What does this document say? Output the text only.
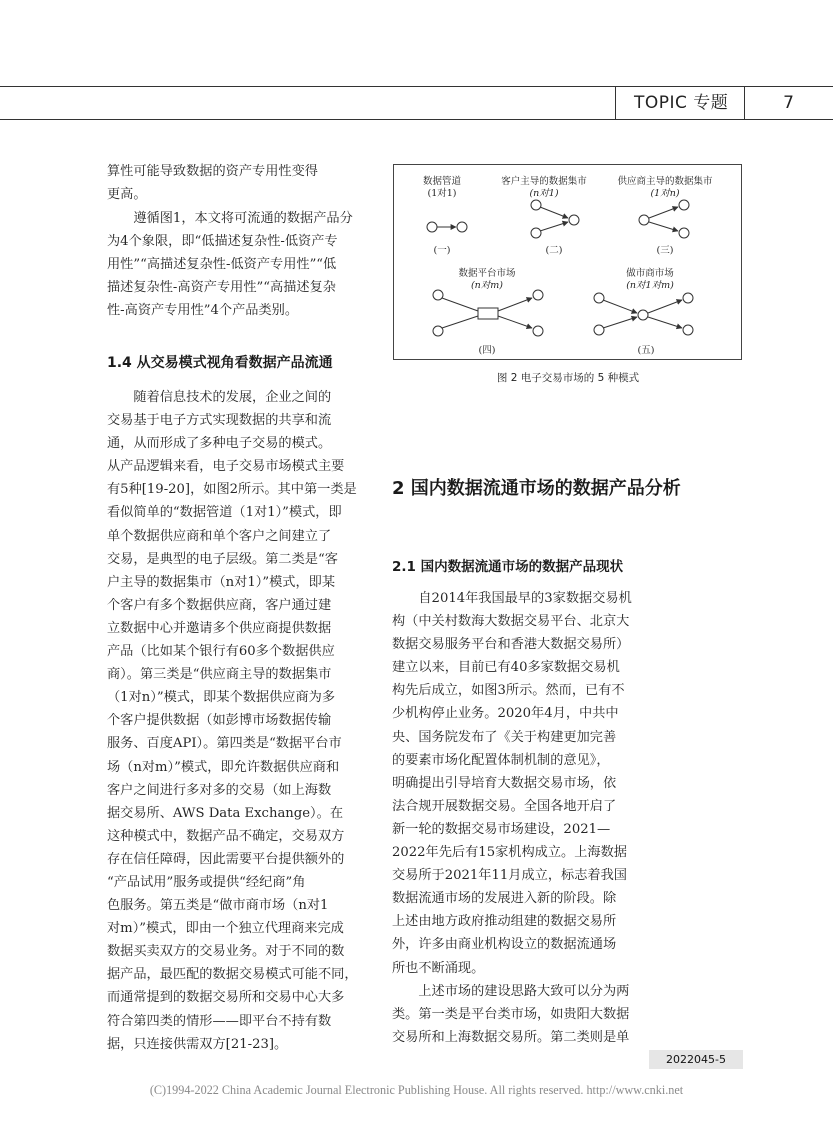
TOPIC 专题	7
算性可能导致数据的资产专用性变得
更高。
　　遵循图1，本文将可流通的数据产品分
为4个象限，即“低描述复杂性-低资产专
用性”“高描述复杂性-低资产专用性”“低
描述复杂性-高资产专用性”“高描述复杂
性-高资产专用性”4个产品类别。
1.4 从交易模式视角看数据产品流通
　　随着信息技术的发展，企业之间的
交易基于电子方式实现数据的共享和流
通，从而形成了多种电子交易的模式。
从产品逻辑来看，电子交易市场模式主要
有5种[19-20]，如图2所示。其中第一类是
看似简单的“数据管道（1对1）”模式，即
单个数据供应商和单个客户之间建立了
交易，是典型的电子层级。第二类是“客
户主导的数据集市（n对1）”模式，即某
个客户有多个数据供应商，客户通过建
立数据中心并邀请多个供应商提供数据
产品（比如某个银行有60多个数据供应
商）。第三类是“供应商主导的数据集市
（1对n）”模式，即某个数据供应商为多
个客户提供数据（如彭博市场数据传输
服务、百度API）。第四类是“数据平台市
场（n对m）”模式，即允许数据供应商和
客户之间进行多对多的交易（如上海数
据交易所、AWS Data Exchange）。在
这种模式中，数据产品不确定，交易双方
存在信任障碍，因此需要平台提供额外的
“产品试用”服务或提供“经纪商”角
色服务。第五类是“做市商市场（n对1
对m）”模式，即由一个独立代理商来完成
数据买卖双方的交易业务。对于不同的数
据产品，最匹配的数据交易模式可能不同，
而通常提到的数据交易所和交易中心大多
符合第四类的情形——即平台不持有数
据，只连接供需双方[21-23]。
数据管道
(1对1)
(一)
客户主导的数据集市
(n对1)
(二)
供应商主导的数据集市
(1对n)
(三)
数据平台市场
(n对m)
(四)
做市商市场
(n对1对m)
(五)
图 2 电子交易市场的 5 种模式
2 国内数据流通市场的数据产品分析
2.1 国内数据流通市场的数据产品现状
　　自2014年我国最早的3家数据交易机
构（中关村数海大数据交易平台、北京大
数据交易服务平台和香港大数据交易所）
建立以来，目前已有40多家数据交易机
构先后成立，如图3所示。然而，已有不
少机构停止业务。2020年4月，中共中
央、国务院发布了《关于构建更加完善
的要素市场化配置体制机制的意见》，
明确提出引导培育大数据交易市场，依
法合规开展数据交易。全国各地开启了
新一轮的数据交易市场建设，2021—
2022年先后有15家机构成立。上海数据
交易所于2021年11月成立，标志着我国
数据流通市场的发展进入新的阶段。除
上述由地方政府推动组建的数据交易所
外，许多由商业机构设立的数据流通场
所也不断涌现。
　　上述市场的建设思路大致可以分为两
类。第一类是平台类市场，如贵阳大数据
交易所和上海数据交易所。第二类则是单
2022045-5
(C)1994-2022 China Academic Journal Electronic Publishing House. All rights reserved. http://www.cnki.net
